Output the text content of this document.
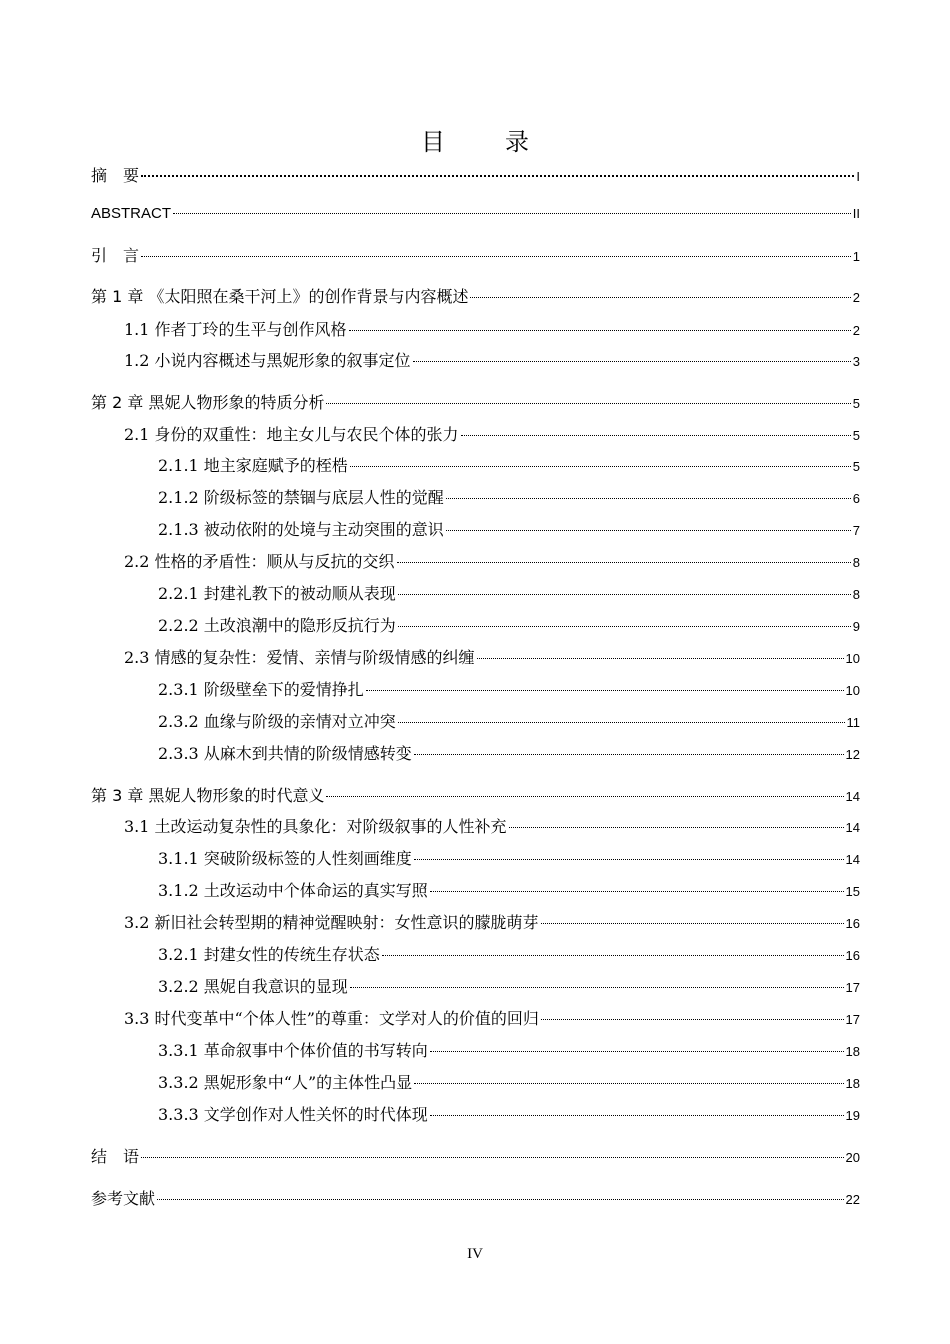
目　录
摘　要	I
ABSTRACT	II
引　言	1
第 1 章 《太阳照在桑干河上》的创作背景与内容概述	2
1.1 作者丁玲的生平与创作风格	2
1.2 小说内容概述与黑妮形象的叙事定位	3
第 2 章 黑妮人物形象的特质分析	5
2.1 身份的双重性：地主女儿与农民个体的张力	5
2.1.1 地主家庭赋予的桎梏	5
2.1.2 阶级标签的禁锢与底层人性的觉醒	6
2.1.3 被动依附的处境与主动突围的意识	7
2.2 性格的矛盾性：顺从与反抗的交织	8
2.2.1 封建礼教下的被动顺从表现	8
2.2.2 土改浪潮中的隐形反抗行为	9
2.3 情感的复杂性：爱情、亲情与阶级情感的纠缠	10
2.3.1 阶级壁垒下的爱情挣扎	10
2.3.2 血缘与阶级的亲情对立冲突	11
2.3.3 从麻木到共情的阶级情感转变	12
第 3 章 黑妮人物形象的时代意义	14
3.1 土改运动复杂性的具象化：对阶级叙事的人性补充	14
3.1.1 突破阶级标签的人性刻画维度	14
3.1.2 土改运动中个体命运的真实写照	15
3.2 新旧社会转型期的精神觉醒映射：女性意识的朦胧萌芽	16
3.2.1 封建女性的传统生存状态	16
3.2.2 黑妮自我意识的显现	17
3.3 时代变革中“个体人性”的尊重：文学对人的价值的回归	17
3.3.1 革命叙事中个体价值的书写转向	18
3.3.2 黑妮形象中“人”的主体性凸显	18
3.3.3 文学创作对人性关怀的时代体现	19
结　语	20
参考文献	22
IV
